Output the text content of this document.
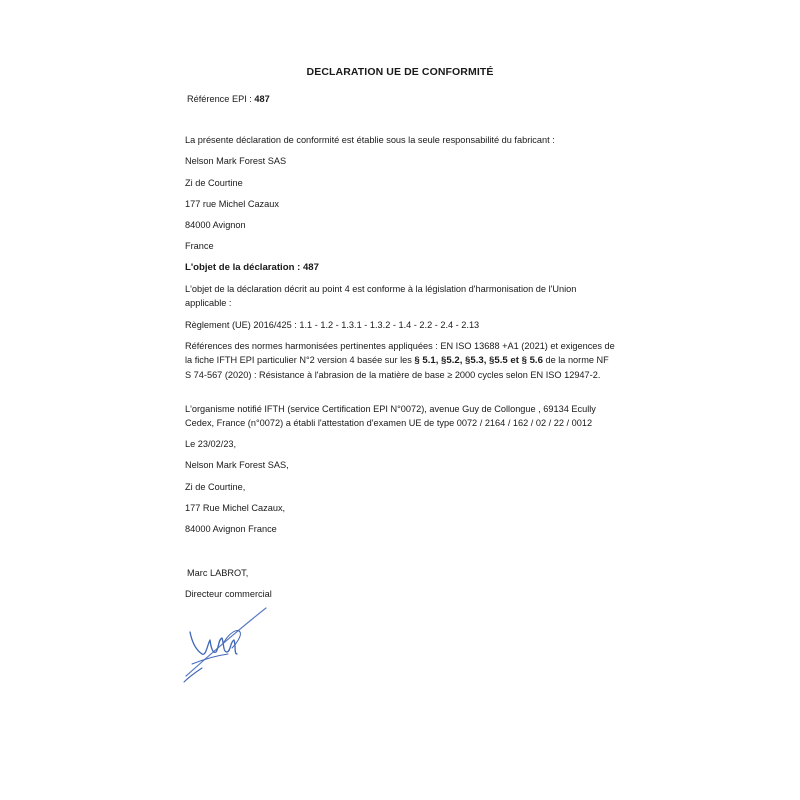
DECLARATION UE DE CONFORMITÉ
Référence EPI : 487
La présente déclaration de conformité est établie sous la seule responsabilité du fabricant :
Nelson Mark Forest SAS
Zi de Courtine
177 rue Michel Cazaux
84000 Avignon
France
L'objet de la déclaration : 487
L'objet de la déclaration décrit au point 4 est conforme à la législation d'harmonisation de l'Union applicable :
Règlement (UE) 2016/425 : 1.1 - 1.2 - 1.3.1 - 1.3.2 - 1.4 - 2.2 - 2.4 - 2.13
Références des normes harmonisées pertinentes appliquées : EN ISO 13688 +A1 (2021) et exigences de la fiche IFTH EPI particulier N°2 version 4 basée sur les § 5.1, §5.2, §5.3, §5.5 et § 5.6 de la norme NF S 74-567 (2020) : Résistance à l'abrasion de la matière de base ≥ 2000 cycles selon EN ISO 12947-2.
L'organisme notifié IFTH (service Certification EPI N°0072), avenue Guy de Collongue , 69134 Ecully Cedex, France (n°0072) a établi l'attestation d'examen UE de type 0072 / 2164 / 162 / 02 / 22 / 0012
Le 23/02/23,
Nelson Mark Forest SAS,
Zi de Courtine,
177 Rue Michel Cazaux,
84000 Avignon France
Marc LABROT,
Directeur commercial
